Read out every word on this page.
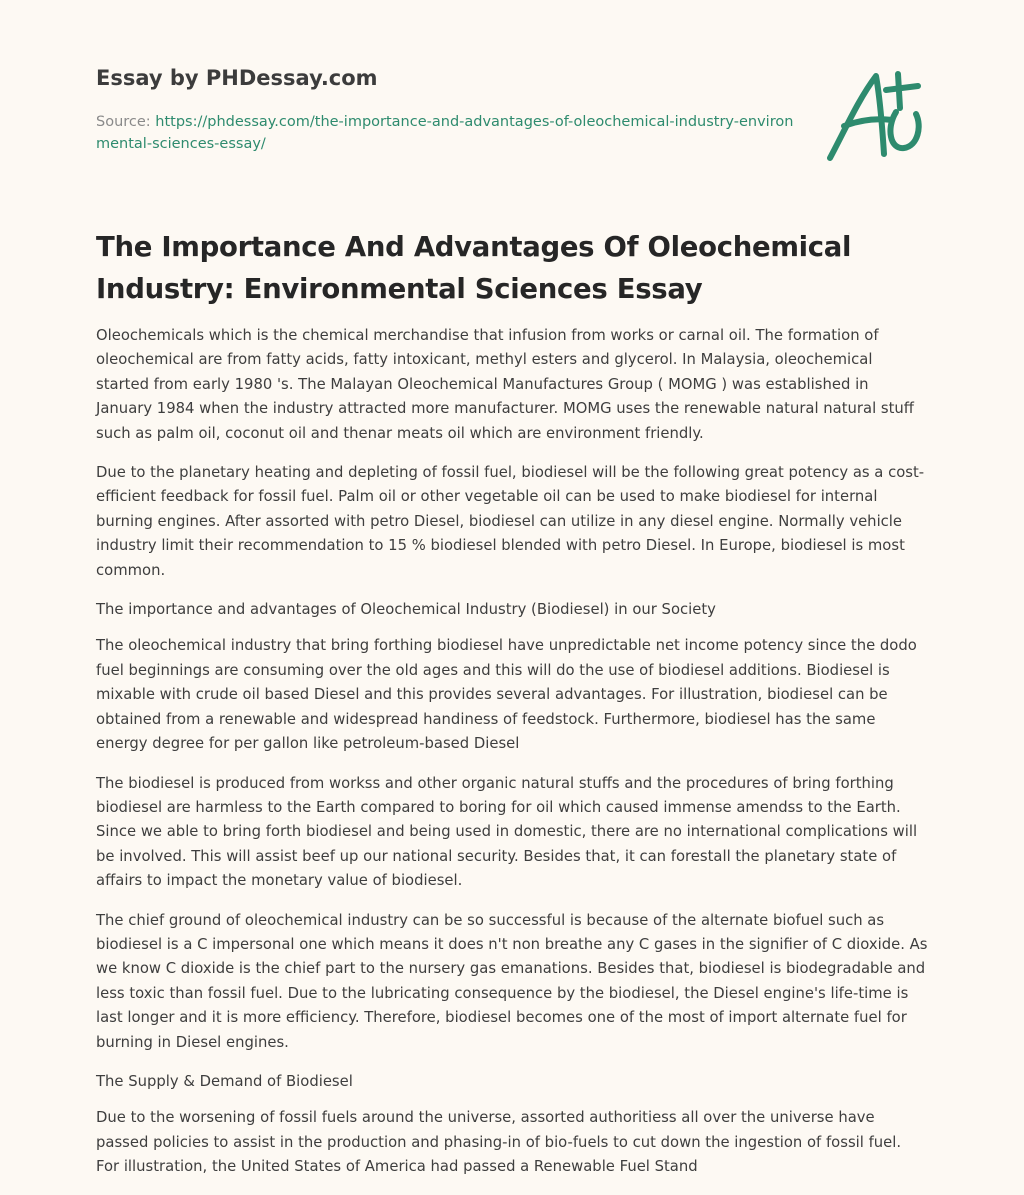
Essay by PHDessay.com
Source: https://phdessay.com/the-importance-and-advantages-of-oleochemical-industry-environmental-sciences-essay/
The Importance And Advantages Of Oleochemical Industry: Environmental Sciences Essay

Oleochemicals which is the chemical merchandise that infusion from works or carnal oil. The formation of oleochemical are from fatty acids, fatty intoxicant, methyl esters and glycerol. In Malaysia, oleochemical started from early 1980 's. The Malayan Oleochemical Manufactures Group ( MOMG ) was established in January 1984 when the industry attracted more manufacturer. MOMG uses the renewable natural natural stuff such as palm oil, coconut oil and thenar meats oil which are environment friendly.

Due to the planetary heating and depleting of fossil fuel, biodiesel will be the following great potency as a cost-efficient feedback for fossil fuel. Palm oil or other vegetable oil can be used to make biodiesel for internal burning engines. After assorted with petro Diesel, biodiesel can utilize in any diesel engine. Normally vehicle industry limit their recommendation to 15 % biodiesel blended with petro Diesel. In Europe, biodiesel is most common.

The importance and advantages of Oleochemical Industry (Biodiesel) in our Society

The oleochemical industry that bring forthing biodiesel have unpredictable net income potency since the dodo fuel beginnings are consuming over the old ages and this will do the use of biodiesel additions. Biodiesel is mixable with crude oil based Diesel and this provides several advantages. For illustration, biodiesel can be obtained from a renewable and widespread handiness of feedstock. Furthermore, biodiesel has the same energy degree for per gallon like petroleum-based Diesel

The biodiesel is produced from workss and other organic natural stuffs and the procedures of bring forthing biodiesel are harmless to the Earth compared to boring for oil which caused immense amendss to the Earth. Since we able to bring forth biodiesel and being used in domestic, there are no international complications will be involved. This will assist beef up our national security. Besides that, it can forestall the planetary state of affairs to impact the monetary value of biodiesel.

The chief ground of oleochemical industry can be so successful is because of the alternate biofuel such as biodiesel is a C impersonal one which means it does n't non breathe any C gases in the signifier of C dioxide. As we know C dioxide is the chief part to the nursery gas emanations. Besides that, biodiesel is biodegradable and less toxic than fossil fuel. Due to the lubricating consequence by the biodiesel, the Diesel engine's life-time is last longer and it is more efficiency. Therefore, biodiesel becomes one of the most of import alternate fuel for burning in Diesel engines.

The Supply & Demand of Biodiesel

Due to the worsening of fossil fuels around the universe, assorted authoritiess all over the universe have passed policies to assist in the production and phasing-in of bio-fuels to cut down the ingestion of fossil fuel. For illustration, the United States of America had passed a Renewable Fuel Stand
